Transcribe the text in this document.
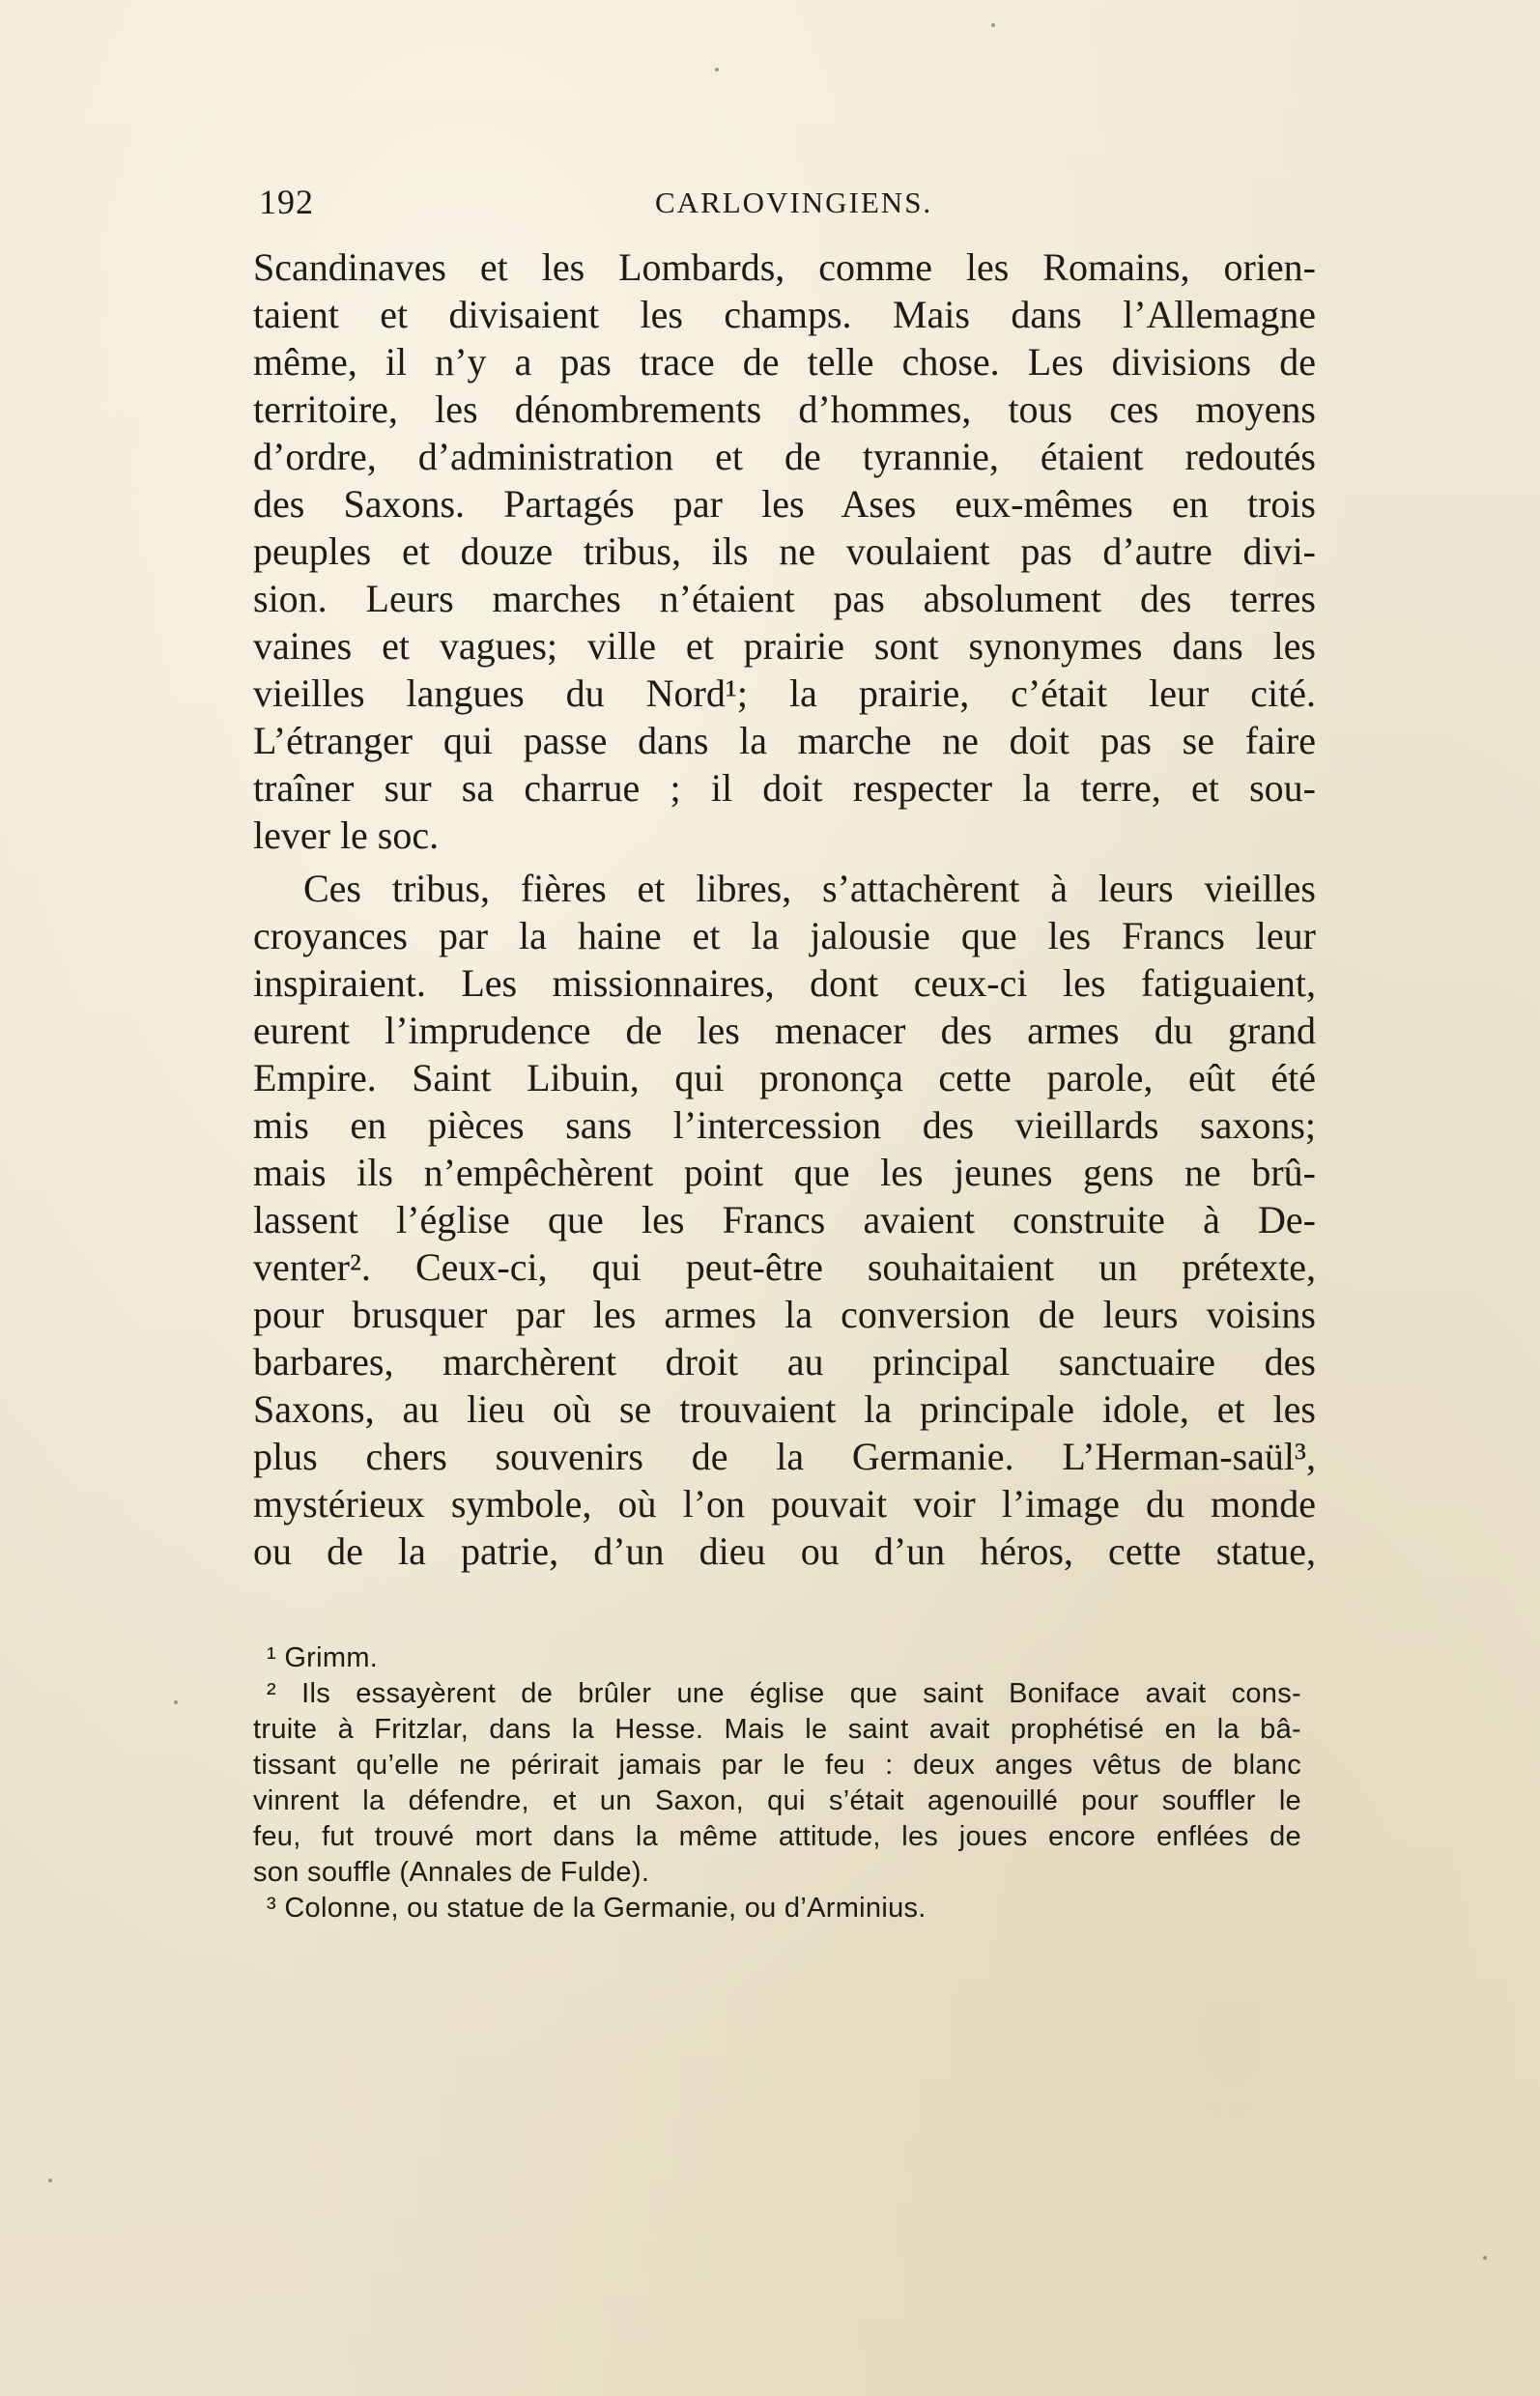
192	CARLOVINGIENS.
Scandinaves et les Lombards, comme les Romains, orien-
taient et divisaient les champs. Mais dans l’Allemagne
même, il n’y a pas trace de telle chose. Les divisions de
territoire, les dénombrements d’hommes, tous ces moyens
d’ordre, d’administration et de tyrannie, étaient redoutés
des Saxons. Partagés par les Ases eux-mêmes en trois
peuples et douze tribus, ils ne voulaient pas d’autre divi-
sion. Leurs marches n’étaient pas absolument des terres
vaines et vagues; ville et prairie sont synonymes dans les
vieilles langues du Nord¹; la prairie, c’était leur cité.
L’étranger qui passe dans la marche ne doit pas se faire
traîner sur sa charrue ; il doit respecter la terre, et sou-
lever le soc.
Ces tribus, fières et libres, s’attachèrent à leurs vieilles
croyances par la haine et la jalousie que les Francs leur
inspiraient. Les missionnaires, dont ceux-ci les fatiguaient,
eurent l’imprudence de les menacer des armes du grand
Empire. Saint Libuin, qui prononça cette parole, eût été
mis en pièces sans l’intercession des vieillards saxons;
mais ils n’empêchèrent point que les jeunes gens ne brû-
lassent l’église que les Francs avaient construite à De-
venter². Ceux-ci, qui peut-être souhaitaient un prétexte,
pour brusquer par les armes la conversion de leurs voisins
barbares, marchèrent droit au principal sanctuaire des
Saxons, au lieu où se trouvaient la principale idole, et les
plus chers souvenirs de la Germanie. L’Herman-saül³,
mystérieux symbole, où l’on pouvait voir l’image du monde
ou de la patrie, d’un dieu ou d’un héros, cette statue,
¹ Grimm.
² Ils essayèrent de brûler une église que saint Boniface avait cons-
truite à Fritzlar, dans la Hesse. Mais le saint avait prophétisé en la bâ-
tissant qu’elle ne périrait jamais par le feu : deux anges vêtus de blanc
vinrent la défendre, et un Saxon, qui s’était agenouillé pour souffler le
feu, fut trouvé mort dans la même attitude, les joues encore enflées de
son souffle (Annales de Fulde).
³ Colonne, ou statue de la Germanie, ou d’Arminius.
